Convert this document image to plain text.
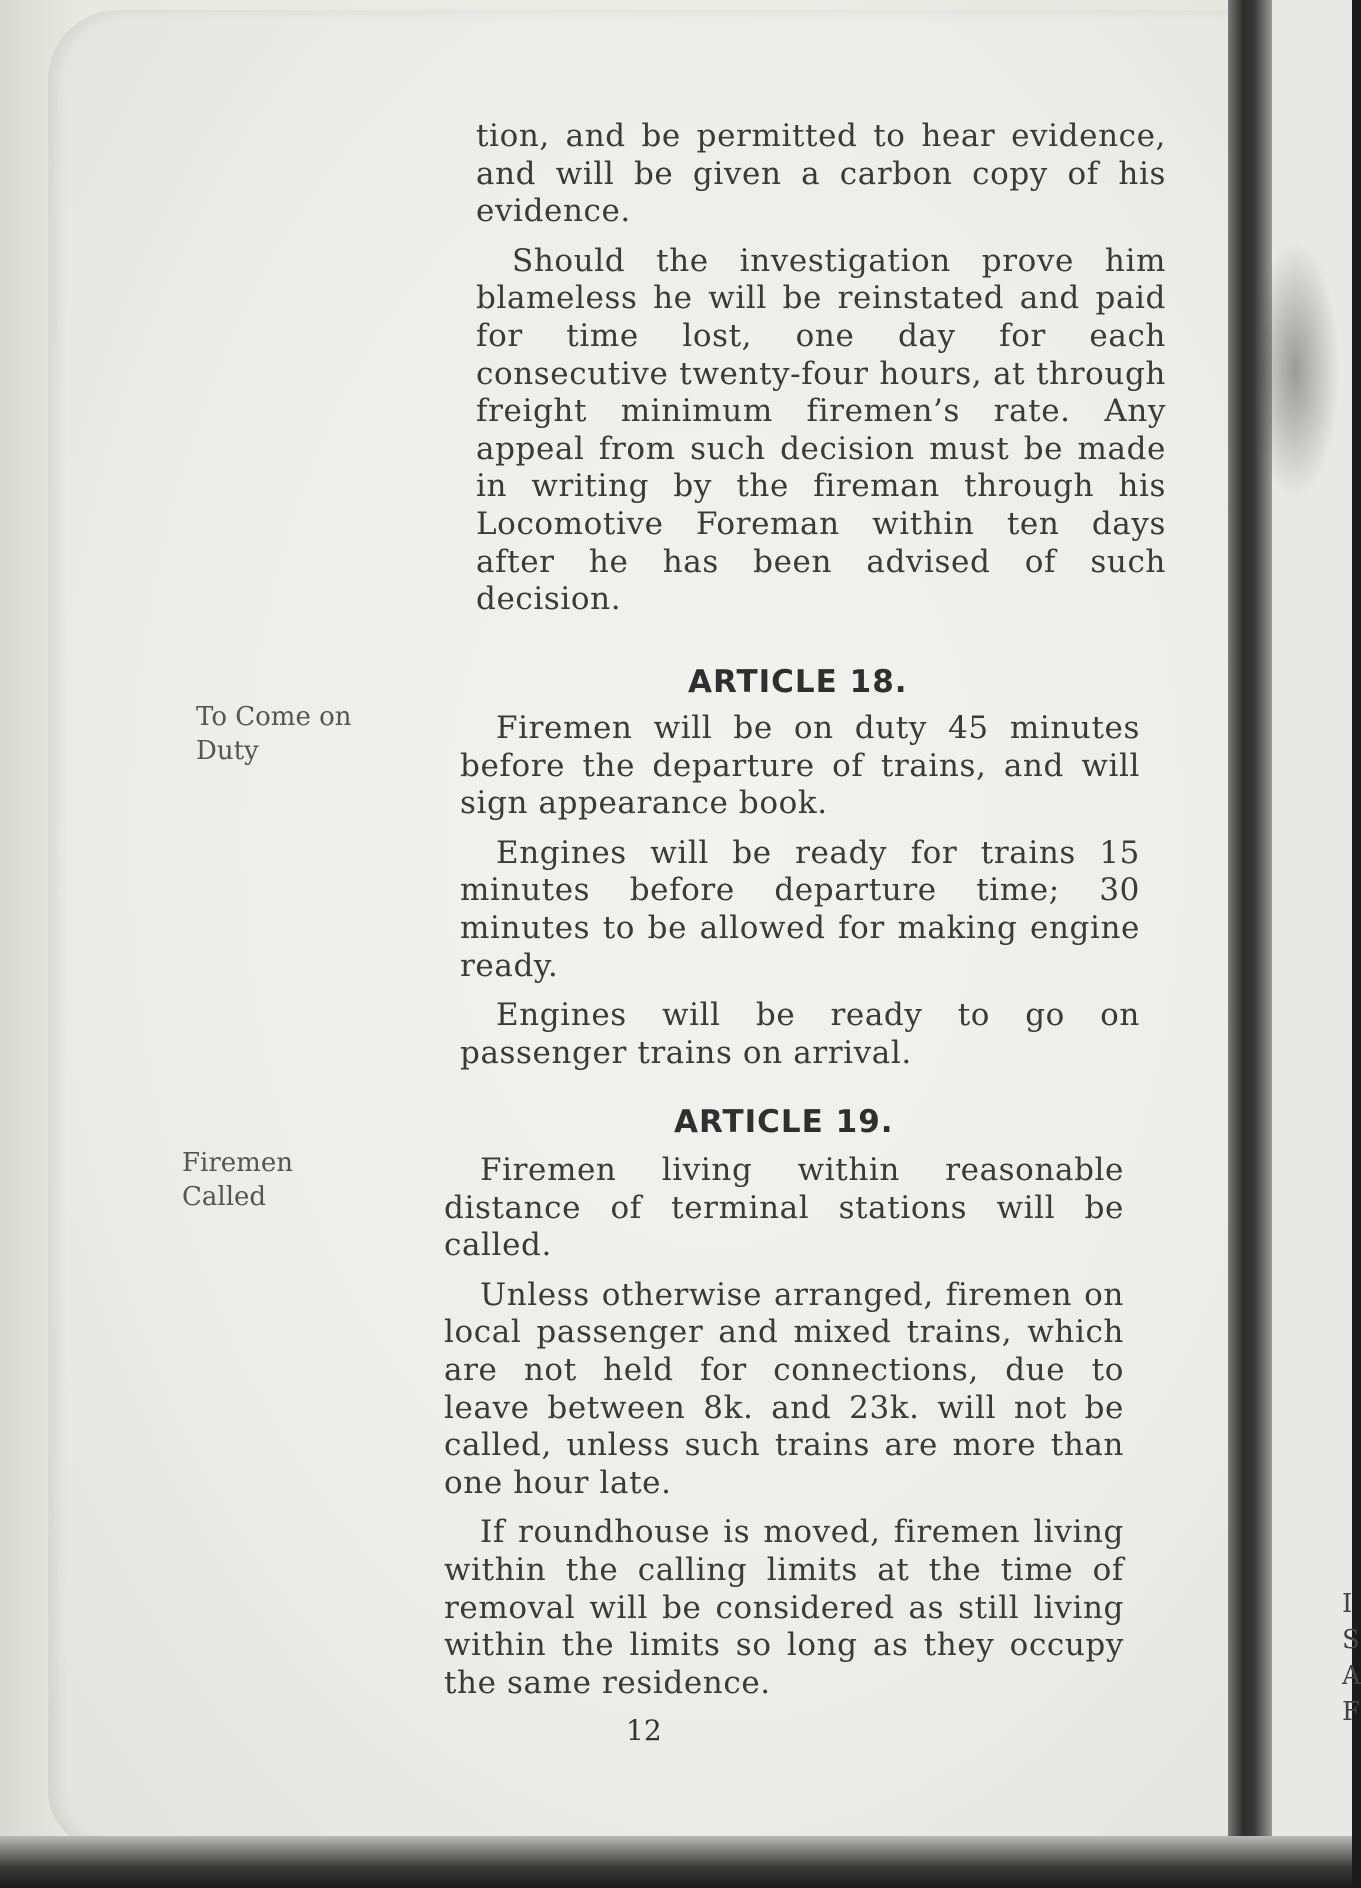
tion, and be permitted to hear evidence, and will be given a carbon copy of his evidence.

Should the investigation prove him blameless he will be reinstated and paid for time lost, one day for each consecutive twenty-four hours, at through freight minimum firemen’s rate. Any appeal from such decision must be made in writing by the fireman through his Locomotive Foreman within ten days after he has been advised of such decision.

ARTICLE 18.
To Come on
Duty

Firemen will be on duty 45 minutes before the departure of trains, and will sign appearance book.

Engines will be ready for trains 15 minutes before departure time; 30 minutes to be allowed for making engine ready.

Engines will be ready to go on passenger trains on arrival.

ARTICLE 19.
Firemen
Called

Firemen living within reasonable distance of terminal stations will be called.

Unless otherwise arranged, firemen on local passenger and mixed trains, which are not held for connections, due to leave between 8k. and 23k. will not be called, unless such trains are more than one hour late.

If roundhouse is moved, firemen living within the calling limits at the time of removal will be considered as still living within the limits so long as they occupy the same residence.

12
I
S
A
F
